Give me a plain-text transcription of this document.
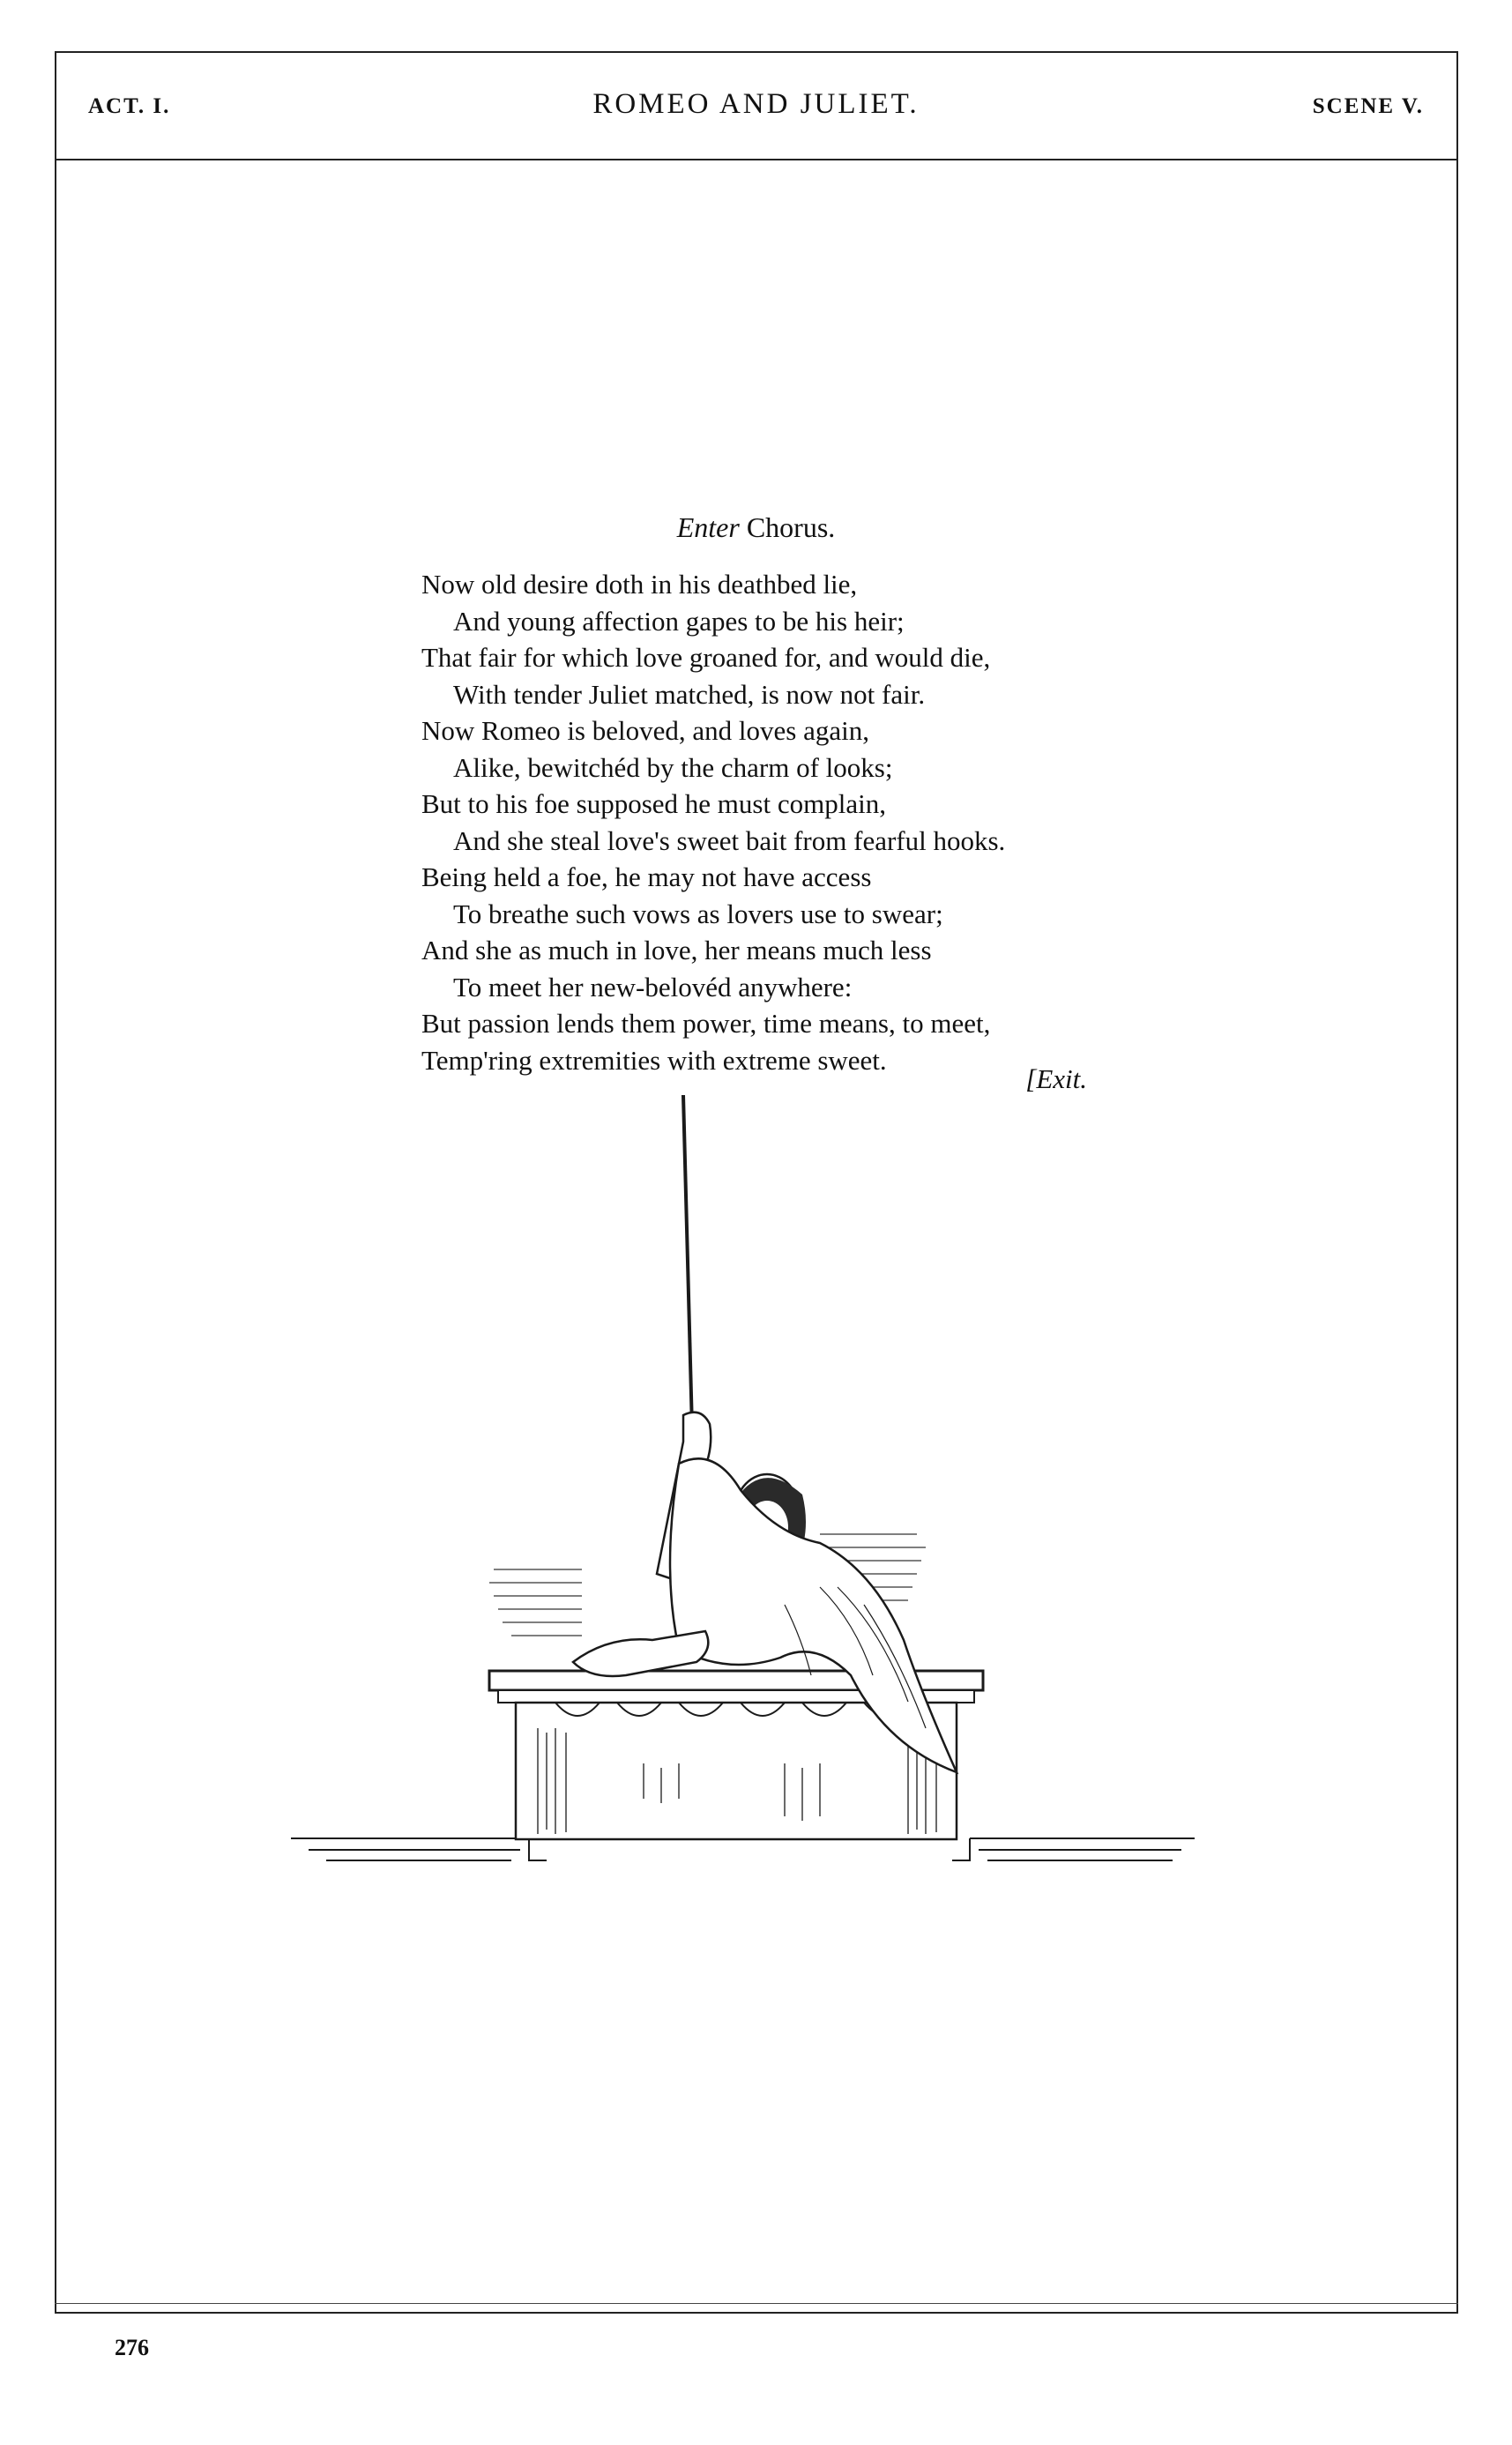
ACT. I.	ROMEO AND JULIET.	SCENE V.
Enter Chorus.
Now old desire doth in his deathbed lie,
And young affection gapes to be his heir;
That fair for which love groaned for, and would die,
With tender Juliet matched, is now not fair.
Now Romeo is beloved, and loves again,
Alike, bewitchéd by the charm of looks;
But to his foe supposed he must complain,
And she steal love's sweet bait from fearful hooks.
Being held a foe, he may not have access
To breathe such vows as lovers use to swear;
And she as much in love, her means much less
To meet her new-belovéd anywhere:
But passion lends them power, time means, to meet,
Temp'ring extremities with extreme sweet.
[Exit.
276
